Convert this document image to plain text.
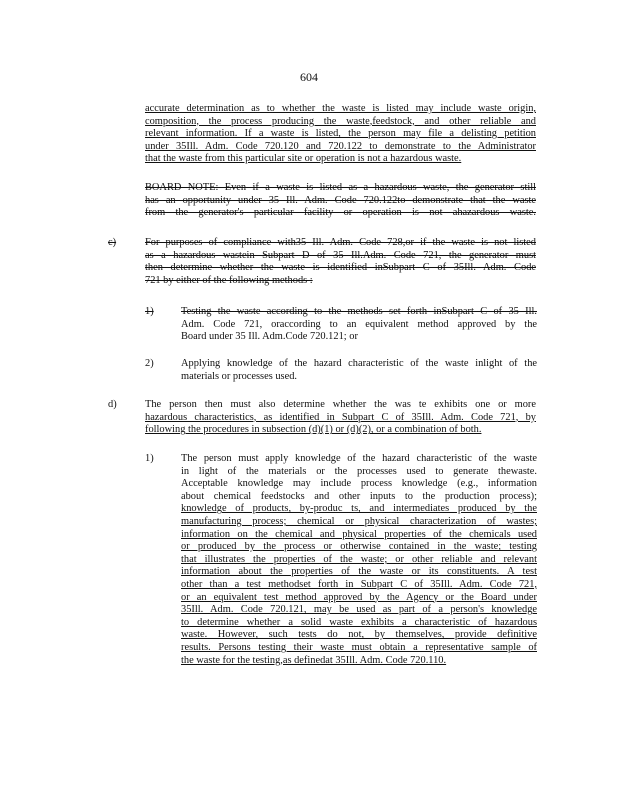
604
accurate determination as to whether the waste is listed may include waste origin,
composition, the process producing the waste,feedstock, and other reliable and
relevant information. If a waste is listed, the person may file a delisting petition
under 35Ill. Adm. Code 720.120 and 720.122 to demonstrate to the Administrator
that the waste from this particular site or operation is not a hazardous waste.
BOARD NOTE: Even if a waste is listed as a hazardous waste, the generator still
has an opportunity under 35 Ill. Adm. Code 720.122to demonstrate that the waste
from the generator's particular facility or operation is not ahazardous waste.
c)	For purposes of compliance with35 Ill. Adm. Code 728,or if the waste is not listed
as a hazardous wastein Subpart D of 35 Ill.Adm. Code 721, the generator must
then determine whether the waste is identified inSubpart C of 35Ill. Adm. Code
721 by either of the following methods :
1)	Testing the waste according to the methods set forth inSubpart C of 35 Ill.
Adm. Code 721, oraccording to an equivalent method approved by the
Board under 35 Ill. Adm.Code 720.121; or
2)	Applying knowledge of the hazard characteristic of the waste inlight of the
materials or processes used.
d)	The person then must also determine whether the was te exhibits one or more
hazardous characteristics, as identified in Subpart C of 35Ill. Adm. Code 721, by
following the procedures in subsection (d)(1) or (d)(2), or a combination of both.
1)	The person must apply knowledge of the hazard characteristic of the waste
in light of the materials or the processes used to generate thewaste.
Acceptable knowledge may include process knowledge (e.g., information
about chemical feedstocks and other inputs to the production process);
knowledge of products, by-produc ts, and intermediates produced by the
manufacturing process; chemical or physical characterization of wastes;
information on the chemical and physical properties of the chemicals used
or produced by the process or otherwise contained in the waste; testing
that illustrates the properties of the waste; or other reliable and relevant
information about the properties of the waste or its constituents. A test
other than a test methodset forth in Subpart C of 35Ill. Adm. Code 721,
or an equivalent test method approved by the Agency or the Board under
35Ill. Adm. Code 720.121, may be used as part of a person's knowledge
to determine whether a solid waste exhibits a characteristic of hazardous
waste. However, such tests do not, by themselves, provide definitive
results. Persons testing their waste must obtain a representative sample of
the waste for the testing,as definedat 35Ill. Adm. Code 720.110.
